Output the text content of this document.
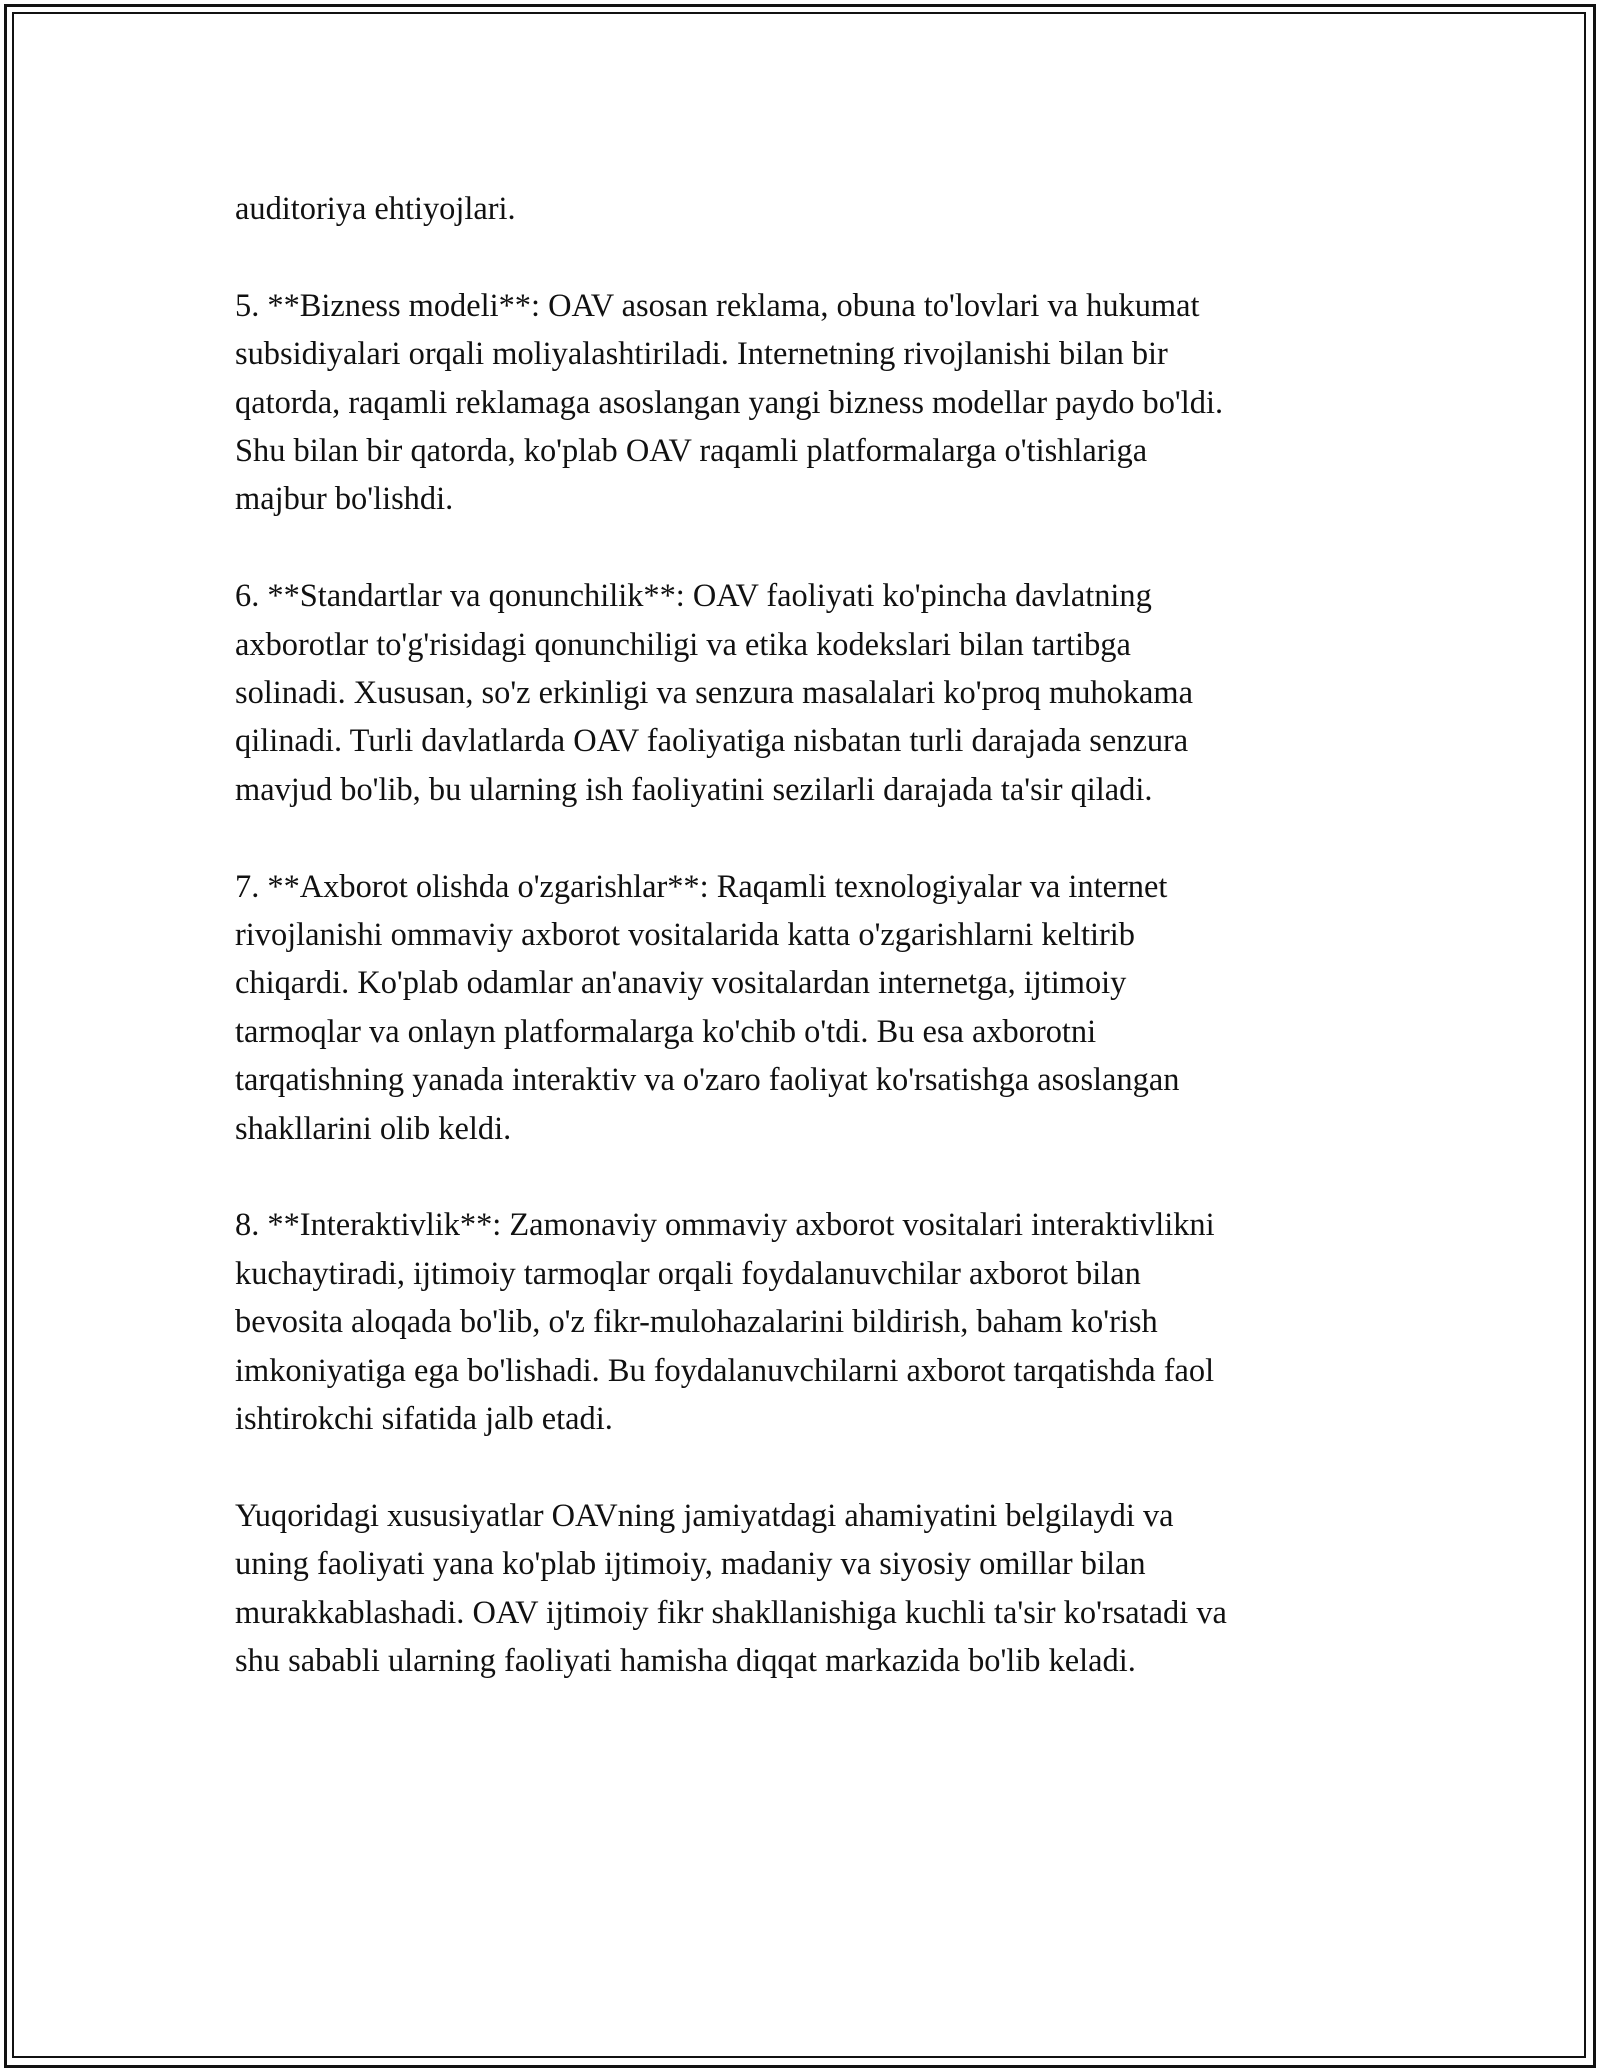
auditoriya ehtiyojlari.

5. **Bizness modeli**: OAV asosan reklama, obuna to'lovlari va hukumat
subsidiyalari orqali moliyalashtiriladi. Internetning rivojlanishi bilan bir
qatorda, raqamli reklamaga asoslangan yangi bizness modellar paydo bo'ldi.
Shu bilan bir qatorda, ko'plab OAV raqamli platformalarga o'tishlariga
majbur bo'lishdi.

6. **Standartlar va qonunchilik**: OAV faoliyati ko'pincha davlatning
axborotlar to'g'risidagi qonunchiligi va etika kodekslari bilan tartibga
solinadi. Xususan, so'z erkinligi va senzura masalalari ko'proq muhokama
qilinadi. Turli davlatlarda OAV faoliyatiga nisbatan turli darajada senzura
mavjud bo'lib, bu ularning ish faoliyatini sezilarli darajada ta'sir qiladi.

7. **Axborot olishda o'zgarishlar**: Raqamli texnologiyalar va internet
rivojlanishi ommaviy axborot vositalarida katta o'zgarishlarni keltirib
chiqardi. Ko'plab odamlar an'anaviy vositalardan internetga, ijtimoiy
tarmoqlar va onlayn platformalarga ko'chib o'tdi. Bu esa axborotni
tarqatishning yanada interaktiv va o'zaro faoliyat ko'rsatishga asoslangan
shakllarini olib keldi.

8. **Interaktivlik**: Zamonaviy ommaviy axborot vositalari interaktivlikni
kuchaytiradi, ijtimoiy tarmoqlar orqali foydalanuvchilar axborot bilan
bevosita aloqada bo'lib, o'z fikr-mulohazalarini bildirish, baham ko'rish
imkoniyatiga ega bo'lishadi. Bu foydalanuvchilarni axborot tarqatishda faol
ishtirokchi sifatida jalb etadi.

Yuqoridagi xususiyatlar OAVning jamiyatdagi ahamiyatini belgilaydi va
uning faoliyati yana ko'plab ijtimoiy, madaniy va siyosiy omillar bilan
murakkablashadi. OAV ijtimoiy fikr shakllanishiga kuchli ta'sir ko'rsatadi va
shu sababli ularning faoliyati hamisha diqqat markazida bo'lib keladi.
